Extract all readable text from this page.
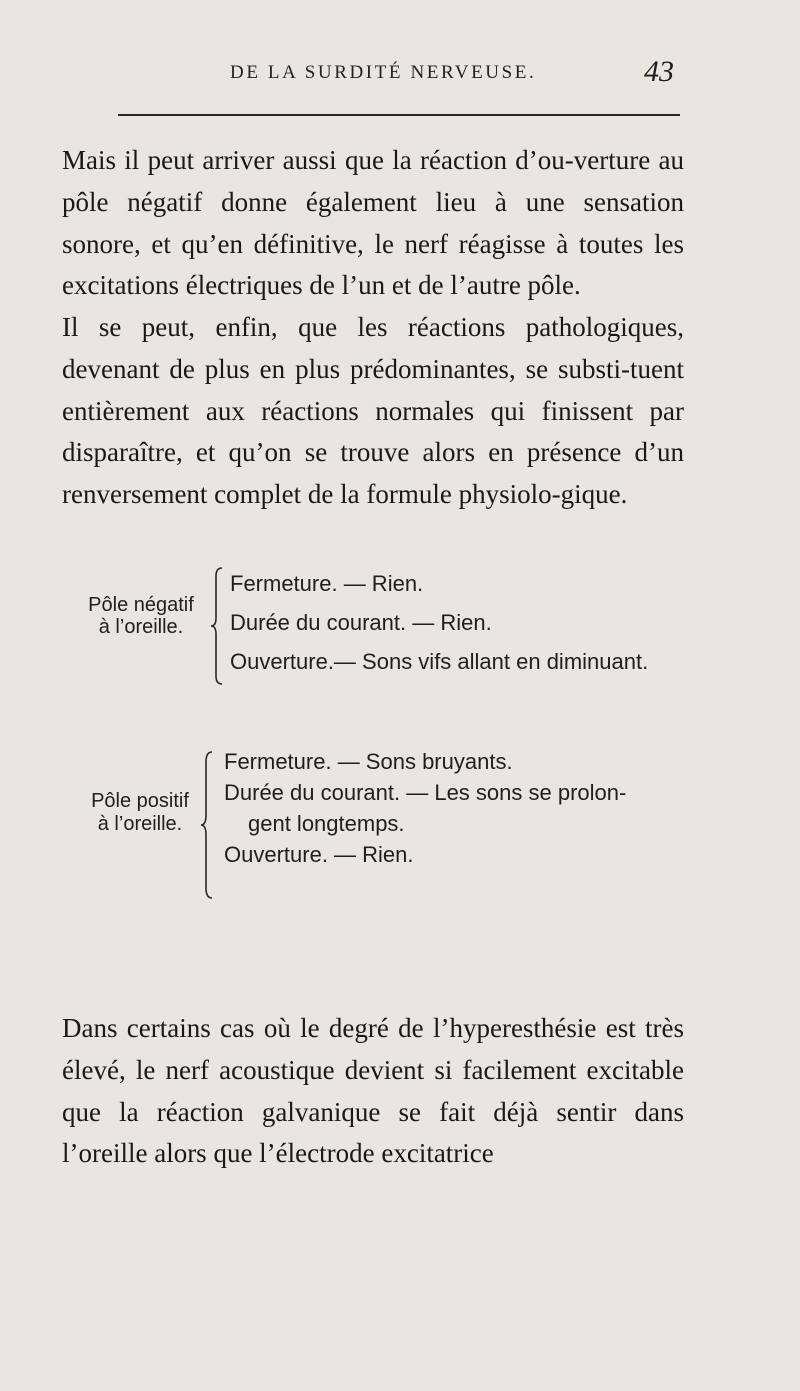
DE LA SURDITÉ NERVEUSE.	43

Mais il peut arriver aussi que la réaction d’ou-verture au pôle négatif donne également lieu à une sensation sonore, et qu’en définitive, le nerf réagisse à toutes les excitations électriques de l’un et de l’autre pôle.

Il se peut, enfin, que les réactions pathologiques, devenant de plus en plus prédominantes, se substi-tuent entièrement aux réactions normales qui finissent par disparaître, et qu’on se trouve alors en présence d’un renversement complet de la formule physiolo-gique.

Pôle négatif
à l’oreille.
Fermeture. — Rien.
Durée du courant. — Rien.
Ouverture.— Sons vifs allant en diminuant.
Pôle positif
à l’oreille.
Fermeture. — Sons bruyants.
Durée du courant. — Les sons se prolon-
gent longtemps.
Ouverture. — Rien.

Dans certains cas où le degré de l’hyperesthésie est très élevé, le nerf acoustique devient si facilement excitable que la réaction galvanique se fait déjà sentir dans l’oreille alors que l’électrode excitatrice
